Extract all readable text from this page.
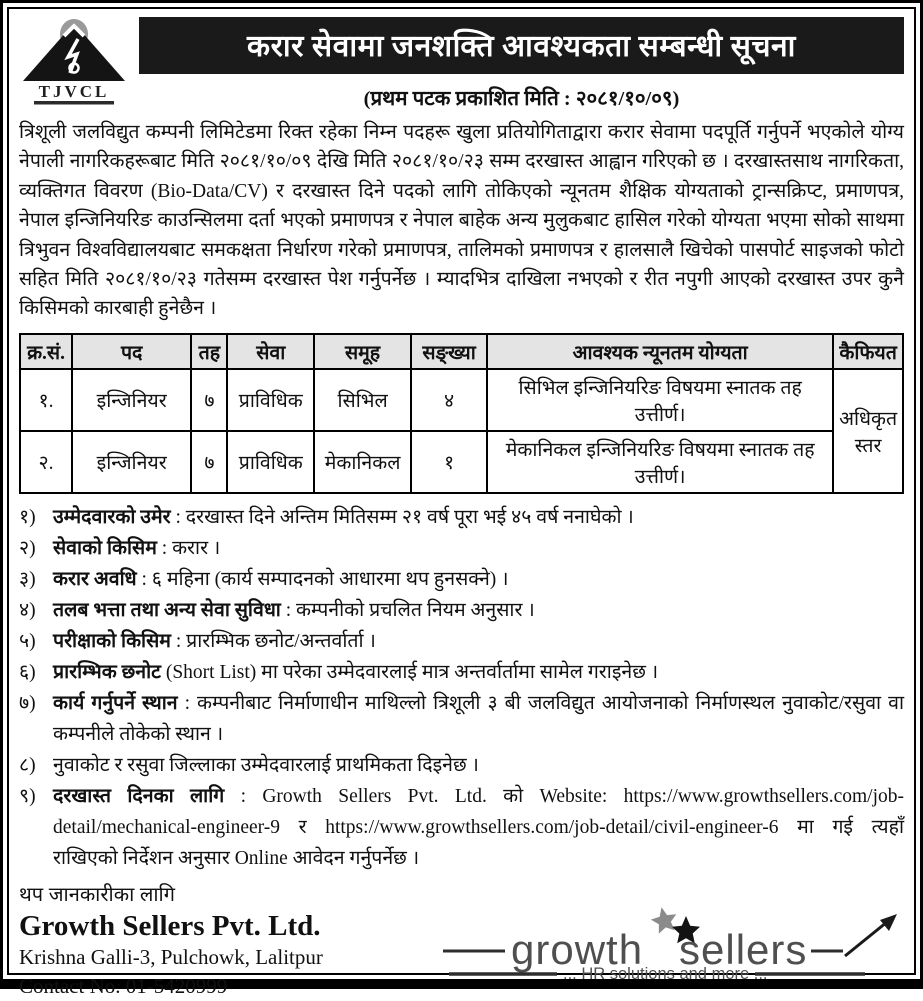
TJVCL
करार सेवामा जनशक्ति आवश्यकता सम्बन्धी सूचना
(प्रथम पटक प्रकाशित मिति : २०८१/१०/०९)
त्रिशूली जलविद्युत कम्पनी लिमिटेडमा रिक्त रहेका निम्न पदहरू खुला प्रतियोगिताद्वारा करार सेवामा पदपूर्ति गर्नुपर्ने भएकोले योग्य नेपाली नागरिकहरूबाट मिति २०८१/१०/०९ देखि मिति २०८१/१०/२३ सम्म दरखास्त आह्वान गरिएको छ । दरखास्तसाथ नागरिकता, व्यक्तिगत विवरण (Bio-Data/CV) र दरखास्त दिने पदको लागि तोकिएको न्यूनतम शैक्षिक योग्यताको ट्रान्सक्रिप्ट, प्रमाणपत्र, नेपाल इन्जिनियरिङ काउन्सिलमा दर्ता भएको प्रमाणपत्र र नेपाल बाहेक अन्य मुलुकबाट हासिल गरेको योग्यता भएमा सोको साथमा त्रिभुवन विश्वविद्यालयबाट समकक्षता निर्धारण गरेको प्रमाणपत्र, तालिमको प्रमाणपत्र र हालसालै खिचेको पासपोर्ट साइजको फोटो सहित मिति २०८१/१०/२३ गतेसम्म दरखास्त पेश गर्नुपर्नेछ । म्यादभित्र दाखिला नभएको र रीत नपुगी आएको दरखास्त उपर कुनै किसिमको कारबाही हुनेछैन ।
क्र.सं.	पद	तह	सेवा	समूह	सङ्ख्या	आवश्यक न्यूनतम योग्यता	कैफियत
१.	इन्जिनियर	७	प्राविधिक	सिभिल	४	सिभिल इन्जिनियरिङ विषयमा स्नातक तह उत्तीर्ण।	अधिकृत स्तर
२.	इन्जिनियर	७	प्राविधिक	मेकानिकल	१	मेकानिकल इन्जिनियरिङ विषयमा स्नातक तह उत्तीर्ण।	
१) उम्मेदवारको उमेर : दरखास्त दिने अन्तिम मितिसम्म २१ वर्ष पूरा भई ४५ वर्ष ननाघेको ।
२) सेवाको किसिम : करार ।
३) करार अवधि : ६ महिना (कार्य सम्पादनको आधारमा थप हुनसक्ने) ।
४) तलब भत्ता तथा अन्य सेवा सुविधा : कम्पनीको प्रचलित नियम अनुसार ।
५) परीक्षाको किसिम : प्रारम्भिक छनोट/अन्तर्वार्ता ।
६) प्रारम्भिक छनोट (Short List) मा परेका उम्मेदवारलाई मात्र अन्तर्वार्तामा सामेल गराइनेछ ।
७) कार्य गर्नुपर्ने स्थान : कम्पनीबाट निर्माणाधीन माथिल्लो त्रिशूली ३ बी जलविद्युत आयोजनाको निर्माणस्थल नुवाकोट/रसुवा वा कम्पनीले तोकेको स्थान ।
८) नुवाकोट र रसुवा जिल्लाका उम्मेदवारलाई प्राथमिकता दिइनेछ ।
९) दरखास्त दिनका लागि : Growth Sellers Pvt. Ltd. को Website: https://www.growthsellers.com/job-detail/mechanical-engineer-9 र https://www.growthsellers.com/job-detail/civil-engineer-6 मा गई त्यहाँ राखिएको निर्देशन अनुसार Online आवेदन गर्नुपर्नेछ ।
थप जानकारीका लागि
Growth Sellers Pvt. Ltd.
Krishna Galli-3, Pulchowk, Lalitpur
Contact No. 01-5420999
growth sellers
... HR solutions and more ...
